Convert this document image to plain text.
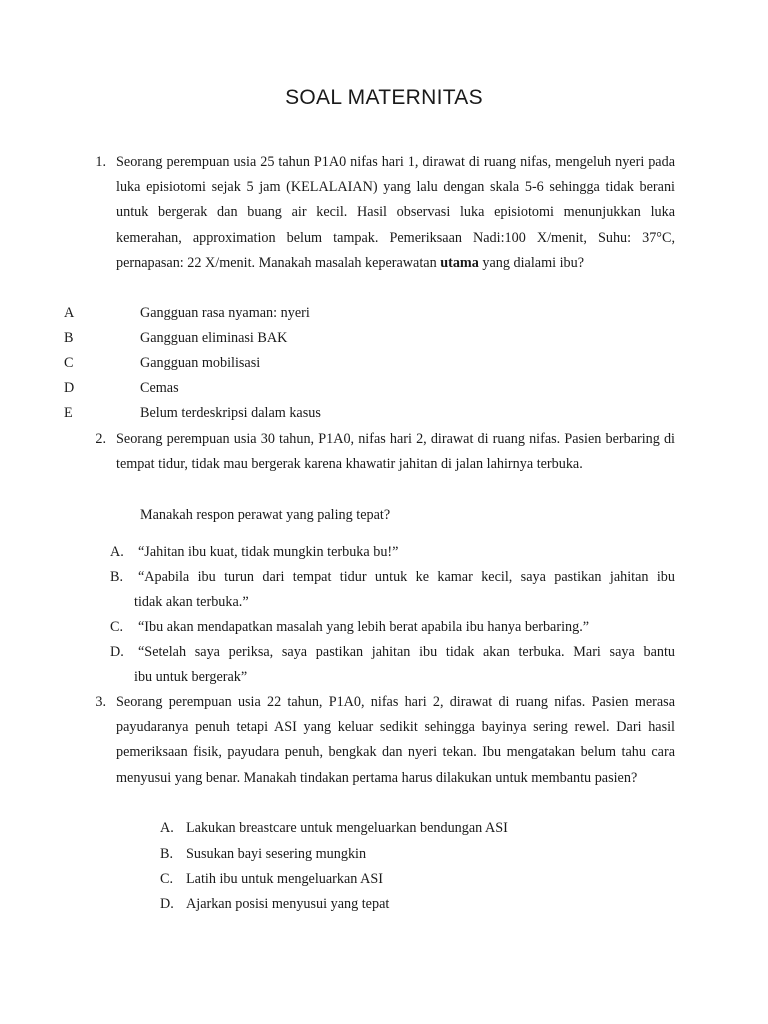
SOAL MATERNITAS
1. Seorang perempuan usia 25 tahun P1A0 nifas hari 1, dirawat di ruang nifas, mengeluh nyeri pada luka episiotomi sejak 5 jam (KELALAIAN) yang lalu dengan skala 5-6 sehingga tidak berani untuk bergerak dan buang air kecil. Hasil observasi luka episiotomi menunjukkan luka kemerahan, approximation belum tampak. Pemeriksaan Nadi:100 X/menit, Suhu: 37°C, pernapasan: 22 X/menit. Manakah masalah keperawatan utama yang dialami ibu?
A	Gangguan rasa nyaman: nyeri
B	Gangguan eliminasi BAK
C	Gangguan mobilisasi
D	Cemas
E	Belum terdeskripsi dalam kasus
2. Seorang perempuan usia 30 tahun, P1A0, nifas hari 2, dirawat di ruang nifas. Pasien berbaring di tempat tidur, tidak mau bergerak karena khawatir jahitan di jalan lahirnya terbuka.
Manakah respon perawat yang paling tepat?
A. “Jahitan ibu kuat, tidak mungkin terbuka bu!”
B. “Apabila ibu turun dari tempat tidur untuk ke kamar kecil, saya pastikan jahitan ibu
tidak akan terbuka.”
C. “Ibu akan mendapatkan masalah yang lebih berat apabila ibu hanya berbaring.”
D. “Setelah saya periksa, saya pastikan jahitan ibu tidak akan terbuka. Mari saya bantu
ibu untuk bergerak”
3. Seorang perempuan usia 22 tahun, P1A0, nifas hari 2, dirawat di ruang nifas. Pasien merasa payudaranya penuh tetapi ASI yang keluar sedikit sehingga bayinya sering rewel. Dari hasil pemeriksaan fisik, payudara penuh, bengkak dan nyeri tekan. Ibu mengatakan belum tahu cara menyusui yang benar. Manakah tindakan pertama harus dilakukan untuk membantu pasien?
A. Lakukan breastcare untuk mengeluarkan bendungan ASI
B. Susukan bayi sesering mungkin
C. Latih ibu untuk mengeluarkan ASI
D. Ajarkan posisi menyusui yang tepat
